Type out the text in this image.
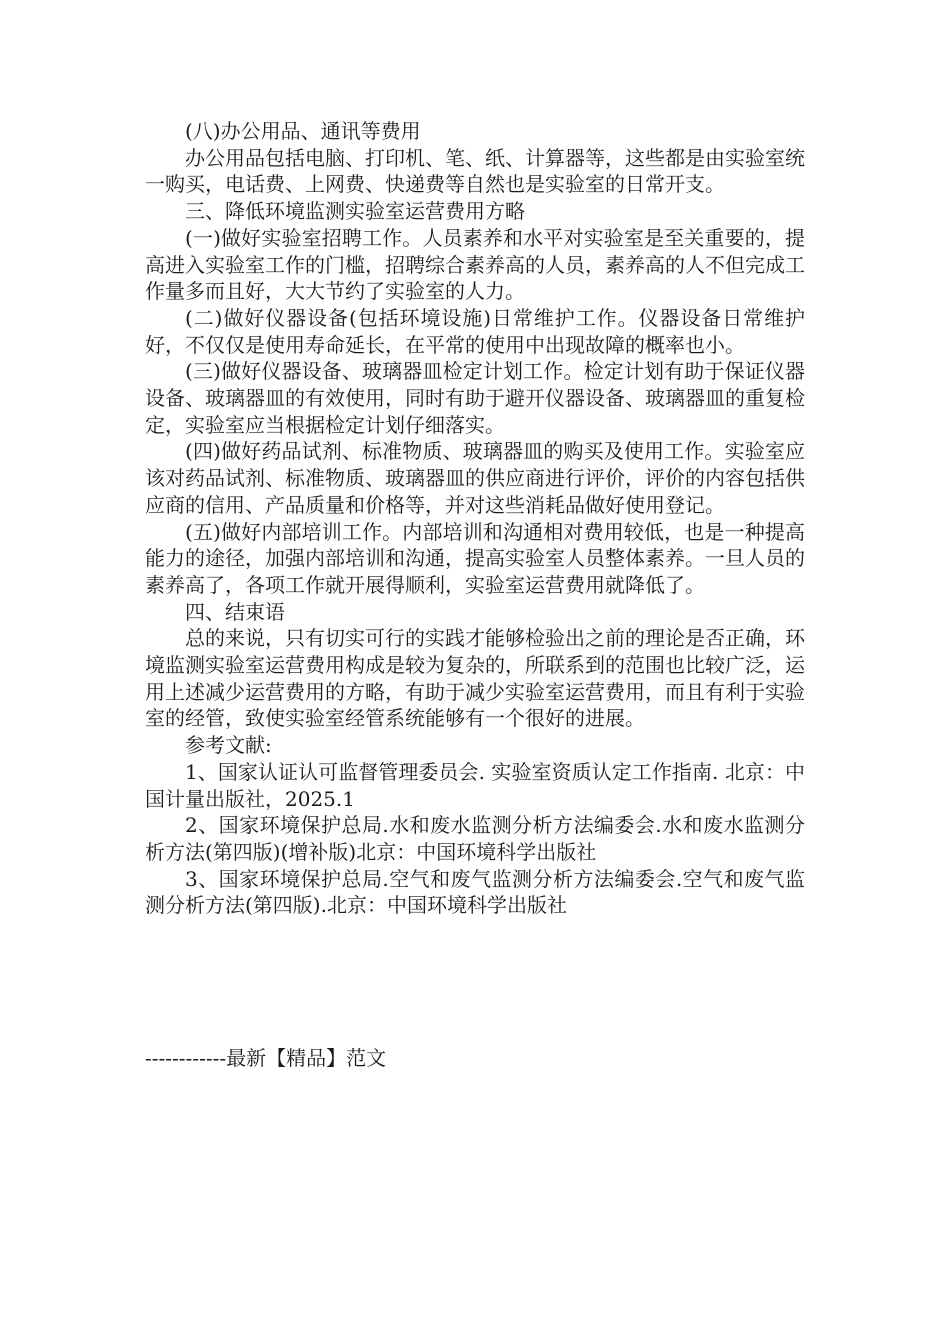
(八)办公用品、通讯等费用

办公用品包括电脑、打印机、笔、纸、计算器等，这些都是由实验室统一购买，电话费、上网费、快递费等自然也是实验室的日常开支。

三、降低环境监测实验室运营费用方略

(一)做好实验室招聘工作。人员素养和水平对实验室是至关重要的，提高进入实验室工作的门槛，招聘综合素养高的人员，素养高的人不但完成工作量多而且好，大大节约了实验室的人力。

(二)做好仪器设备(包括环境设施)日常维护工作。仪器设备日常维护好，不仅仅是使用寿命延长，在平常的使用中出现故障的概率也小。

(三)做好仪器设备、玻璃器皿检定计划工作。检定计划有助于保证仪器设备、玻璃器皿的有效使用，同时有助于避开仪器设备、玻璃器皿的重复检定，实验室应当根据检定计划仔细落实。

(四)做好药品试剂、标准物质、玻璃器皿的购买及使用工作。实验室应该对药品试剂、标准物质、玻璃器皿的供应商进行评价，评价的内容包括供应商的信用、产品质量和价格等，并对这些消耗品做好使用登记。

(五)做好内部培训工作。内部培训和沟通相对费用较低，也是一种提高能力的途径，加强内部培训和沟通，提高实验室人员整体素养。一旦人员的素养高了，各项工作就开展得顺利，实验室运营费用就降低了。

四、结束语

总的来说，只有切实可行的实践才能够检验出之前的理论是否正确，环境监测实验室运营费用构成是较为复杂的，所联系到的范围也比较广泛，运用上述减少运营费用的方略，有助于减少实验室运营费用，而且有利于实验室的经管，致使实验室经管系统能够有一个很好的进展。

参考文献:

1、国家认证认可监督管理委员会. 实验室资质认定工作指南. 北京：中国计量出版社，2025.1

2、国家环境保护总局.水和废水监测分析方法编委会.水和废水监测分析方法(第四版)(增补版)北京：中国环境科学出版社

3、国家环境保护总局.空气和废气监测分析方法编委会.空气和废气监测分析方法(第四版).北京：中国环境科学出版社

------------最新【精品】范文
